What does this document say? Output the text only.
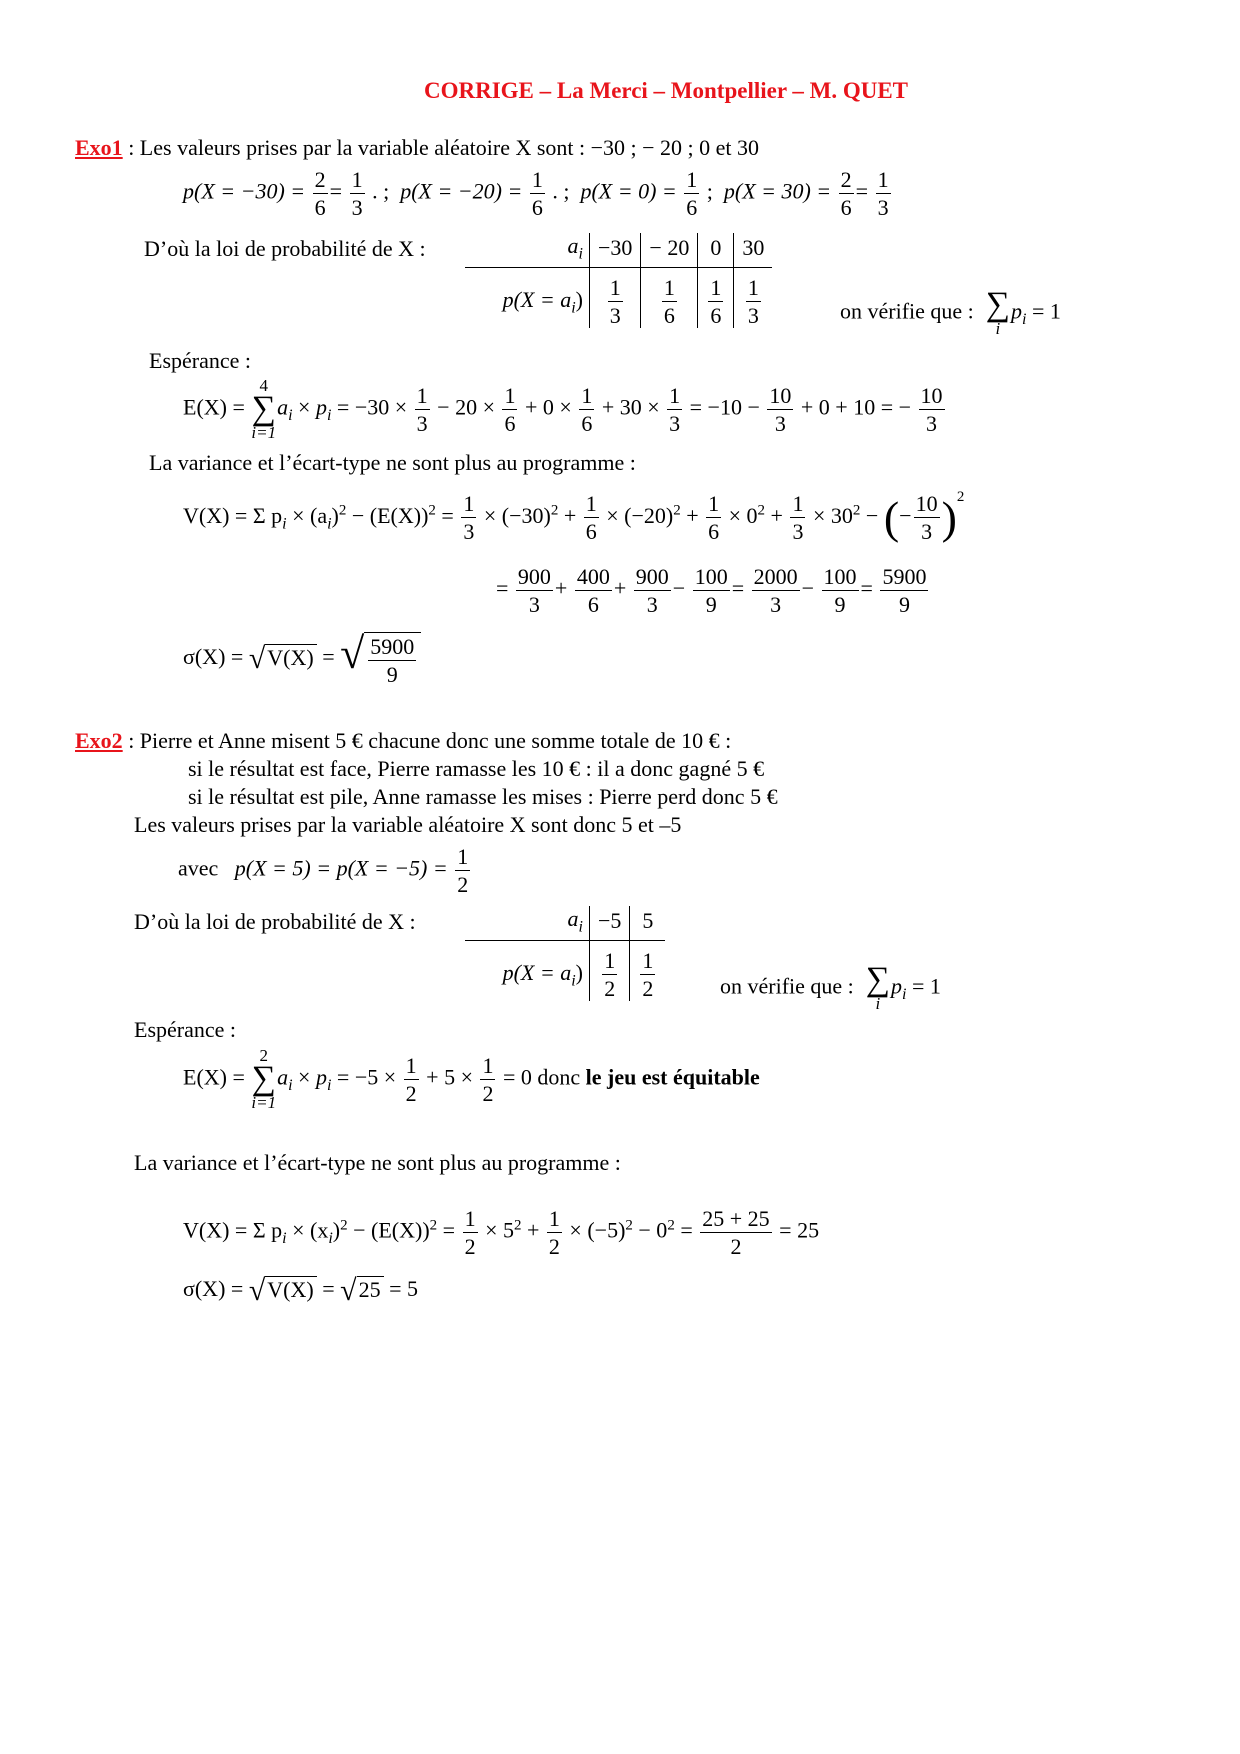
CORRIGE – La Merci – Montpellier – M. QUET
Exo1 : Les valeurs prises par la variable aléatoire X sont : −30 ; − 20 ; 0 et 30
$p(X = -30) = \frac{2}{6} = \frac{1}{3}$ . ; $p(X = -20) = \frac{1}{6}$ . ; $p(X = 0) = \frac{1}{6}$ ; $p(X = 30) = \frac{2}{6} = \frac{1}{3}$
D’où la loi de probabilité de X :	$a_i$	−30	− 20	0	30
$p(X = a_i)$	$\frac{1}{3}$	$\frac{1}{6}$	$\frac{1}{6}$	$\frac{1}{3}$	on vérifie que : ∑
i
$p_i = 1$
Espérance :
E(X) =
4
∑
i=1
$a_i \times p_i = -30 \times \frac{1}{3} - 20 \times \frac{1}{6} + 0 \times \frac{1}{6} + 30 \times \frac{1}{3} = -10 - \frac{10}{3} + 0 + 10$ = − $\frac{10}{3}$
La variance et l’écart-type ne sont plus au programme :
V(X) = Σ $p_i \times (a_i)^2 - (E(X))^2 = \frac{1}{3} \times (-30)^2 + \frac{1}{6} \times (-20)^2 + \frac{1}{6} \times 0^2 + \frac{1}{3} \times 30^2$ − (− $\frac{10}{3} )^2$
= $\frac{900}{3} + \frac{400}{6} + \frac{900}{3} - \frac{100}{9} = \frac{2000}{3} - \frac{100}{9} = \frac{5900}{9}$
σ(X) = √ V(X) = √ $\frac{5900}{9}$
Exo2 : Pierre et Anne misent 5 € chacune donc une somme totale de 10 € :
si le résultat est face, Pierre ramasse les 10 € : il a donc gagné 5 €
si le résultat est pile, Anne ramasse les mises : Pierre perd donc 5 €
Les valeurs prises par la variable aléatoire X sont donc 5 et –5
avec $p(X = 5) = p(X = -5) = \frac{1}{2}$
D’où la loi de probabilité de X :	$a_i$	−5	5
$p(X = a_i)$	$\frac{1}{2}$	$\frac{1}{2}$	on vérifie que : ∑
i
$p_i = 1$
Espérance :
E(X) =
2
∑
i=1
$a_i \times p_i = -5 \times \frac{1}{2} + 5 \times \frac{1}{2} = 0$ donc le jeu est équitable
La variance et l’écart-type ne sont plus au programme :
V(X) = Σ $p_i \times (x_i)^2 - (E(X))^2 = \frac{1}{2} \times 5^2 + \frac{1}{2} \times (-5)^2 - 0^2 = \frac{25 + 25}{2} = 25$
σ(X) = √ V(X) = √ 25 = 5
